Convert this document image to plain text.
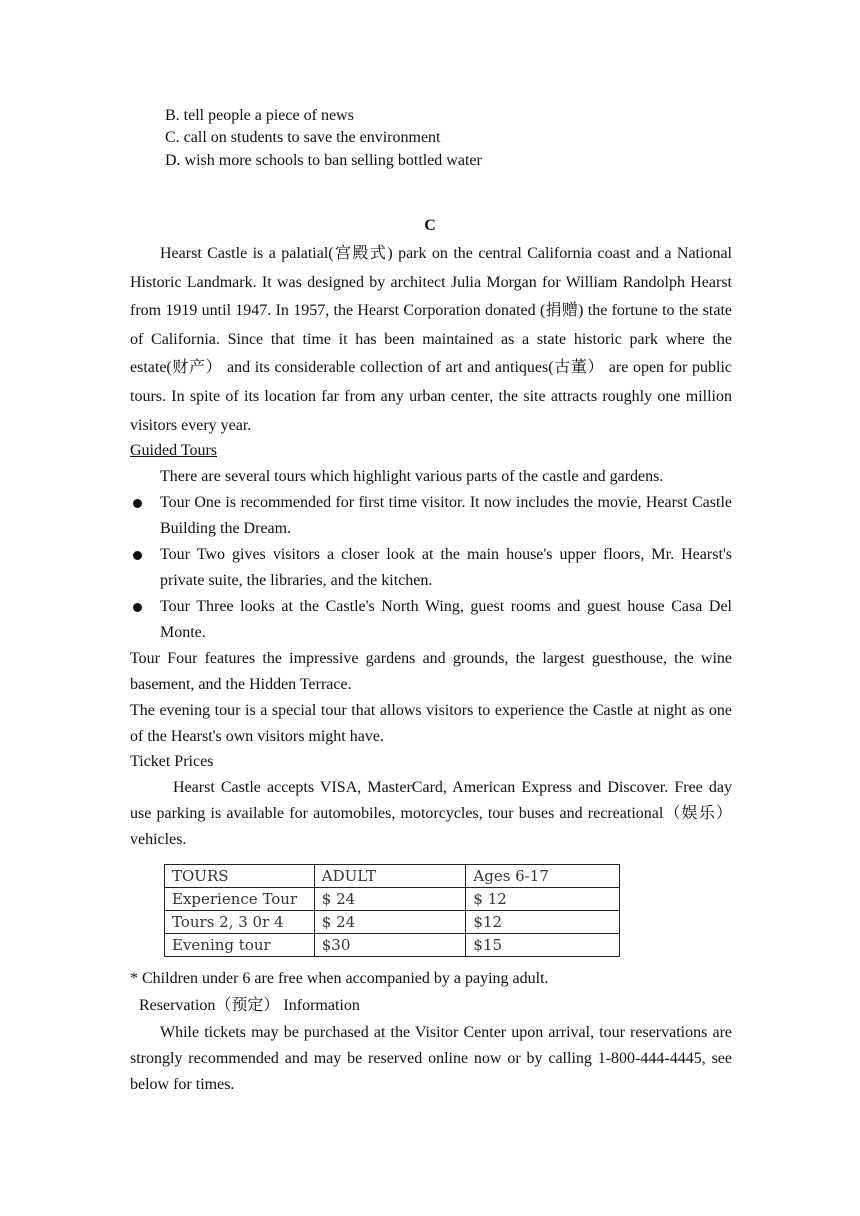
B. tell people a piece of news
C. call on students to save the environment
D. wish more schools to ban selling bottled water
C
Hearst Castle is a palatial(宫殿式) park on the central California coast and a National Historic Landmark. It was designed by architect Julia Morgan for William Randolph Hearst from 1919 until 1947. In 1957, the Hearst Corporation donated (捐赠) the fortune to the state of California. Since that time it has been maintained as a state historic park where the estate(财产） and its considerable collection of art and antiques(古董） are open for public tours. In spite of its location far from any urban center, the site attracts roughly one million visitors every year.
Guided Tours
There are several tours which highlight various parts of the castle and gardens.
Tour One is recommended for first time visitor. It now includes the movie, Hearst Castle Building the Dream.
Tour Two gives visitors a closer look at the main house's upper floors, Mr. Hearst's private suite, the libraries, and the kitchen.
Tour Three looks at the Castle's North Wing, guest rooms and guest house Casa Del Monte.
Tour Four features the impressive gardens and grounds, the largest guesthouse, the wine basement, and the Hidden Terrace.
The evening tour is a special tour that allows visitors to experience the Castle at night as one of the Hearst's own visitors might have.
Ticket Prices
Hearst Castle accepts VISA, MasterCard, American Express and Discover. Free day use parking is available for automobiles, motorcycles, tour buses and recreational（娱乐） vehicles.
TOURS	ADULT	Ages 6-17
Experience Tour	$ 24	$ 12
Tours 2, 3 0r 4	$ 24	$12
Evening tour	$30	$15
* Children under 6 are free when accompanied by a paying adult.
Reservation（预定） Information
While tickets may be purchased at the Visitor Center upon arrival, tour reservations are strongly recommended and may be reserved online now or by calling 1-800-444-4445, see below for times.
